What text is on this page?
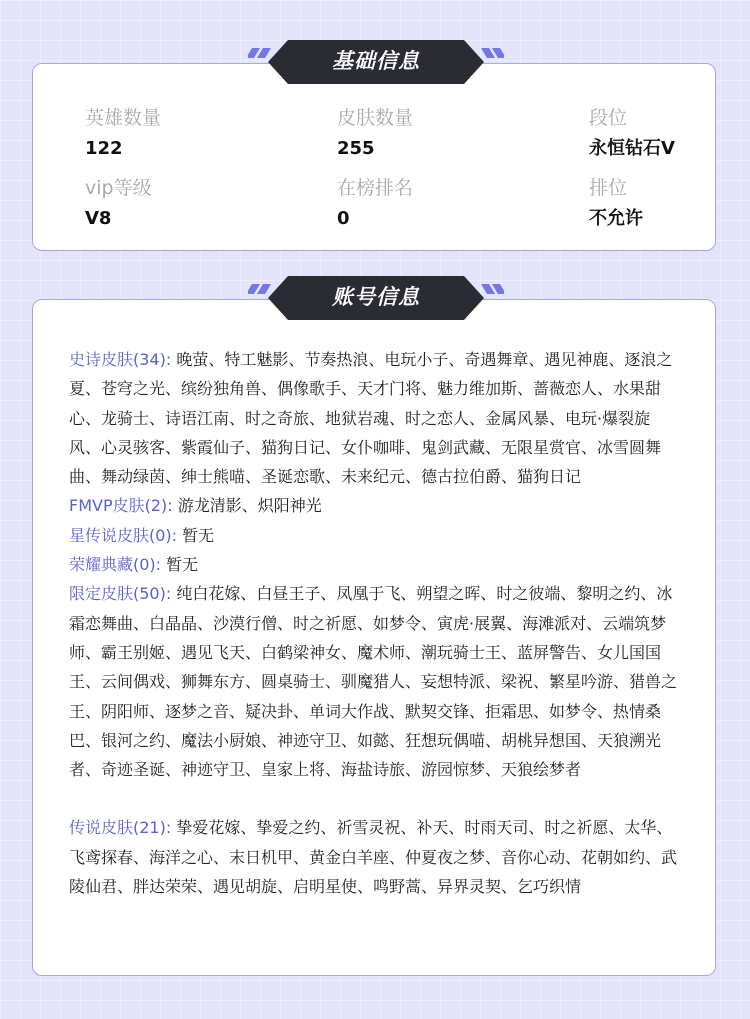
英雄数量
122
皮肤数量
255
段位
永恒钻石V
vip等级
V8
在榜排名
0
排位
不允许
基础信息
史诗皮肤(34): 晚萤、特工魅影、节奏热浪、电玩小子、奇遇舞章、遇见神鹿、逐浪之夏、苍穹之光、缤纷独角兽、偶像歌手、天才门将、魅力维加斯、蔷薇恋人、水果甜心、龙骑士、诗语江南、时之奇旅、地狱岩魂、时之恋人、金属风暴、电玩·爆裂旋风、心灵骇客、紫霞仙子、猫狗日记、女仆咖啡、鬼剑武藏、无限星赏官、冰雪圆舞曲、舞动绿茵、绅士熊喵、圣诞恋歌、未来纪元、德古拉伯爵、猫狗日记
FMVP皮肤(2): 游龙清影、炽阳神光
星传说皮肤(0): 暂无
荣耀典藏(0): 暂无
限定皮肤(50): 纯白花嫁、白昼王子、凤凰于飞、朔望之晖、时之彼端、黎明之约、冰霜恋舞曲、白晶晶、沙漠行僧、时之祈愿、如梦令、寅虎·展翼、海滩派对、云端筑梦师、霸王别姬、遇见飞天、白鹤梁神女、魔术师、潮玩骑士王、蓝屏警告、女儿国国王、云间偶戏、狮舞东方、圆桌骑士、驯魔猎人、妄想特派、梁祝、繁星吟游、猎兽之王、阴阳师、逐梦之音、疑决卦、单词大作战、默契交锋、拒霜思、如梦令、热情桑巴、银河之约、魔法小厨娘、神迹守卫、如懿、狂想玩偶喵、胡桃异想国、天狼溯光者、奇迹圣诞、神迹守卫、皇家上将、海盐诗旅、游园惊梦、天狼绘梦者
传说皮肤(21): 挚爱花嫁、挚爱之约、祈雪灵祝、补天、时雨天司、时之祈愿、太华、飞鸢探春、海洋之心、末日机甲、黄金白羊座、仲夏夜之梦、音你心动、花朝如约、武陵仙君、胖达荣荣、遇见胡旋、启明星使、鸣野蒿、异界灵契、乞巧织情
账号信息
